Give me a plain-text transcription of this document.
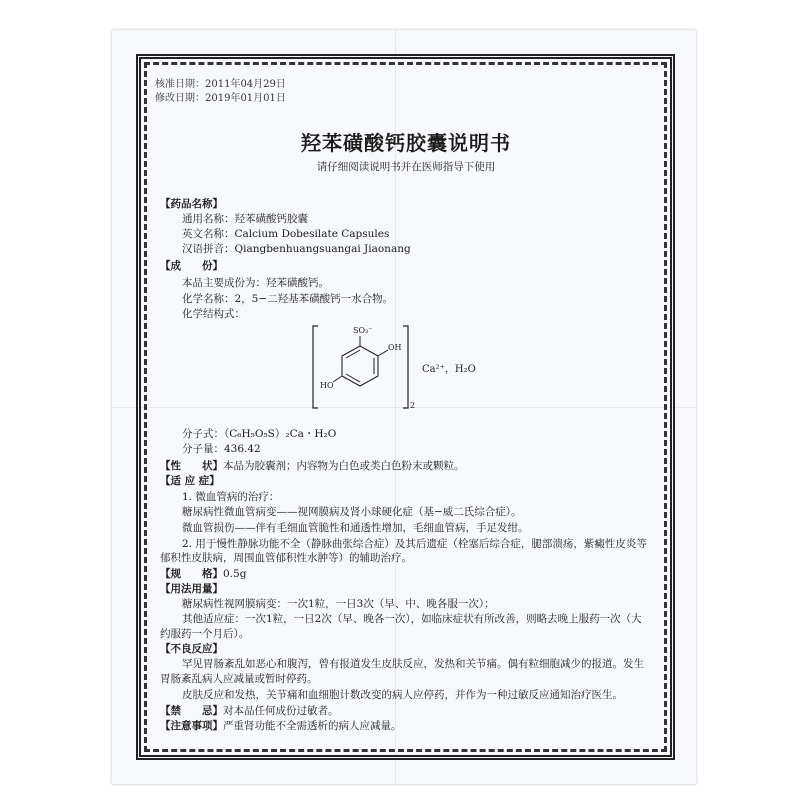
核准日期：2011年04月29日
修改日期：2019年01月01日
羟苯磺酸钙胶囊说明书
请仔细阅读说明书并在医师指导下使用
【药品名称】
通用名称：羟苯磺酸钙胶囊
英文名称：Calcium Dobesilate Capsules
汉语拼音：Qiangbenhuangsuangai Jiaonang
【成　　份】
本品主要成份为：羟苯磺酸钙。
化学名称：2，5−二羟基苯磺酸钙一水合物。
化学结构式：
SO₃⁻
OH
HO
2
Ca²⁺，H₂O
分子式：（C₆H₅O₅S）₂Ca・H₂O
分子量：436.42
【性　　状】本品为胶囊剂；内容物为白色或类白色粉末或颗粒。
【适 应 症】
1. 微血管病的治疗：
糖尿病性微血管病变——视网膜病及肾小球硬化症（基−威二氏综合症）。
微血管损伤——伴有毛细血管脆性和通透性增加，毛细血管病，手足发绀。
2. 用于慢性静脉功能不全（静脉曲张综合症）及其后遗症（栓塞后综合症，腿部溃疡，紫癜性皮炎等郁积性皮肤病，周围血管郁积性水肿等）的辅助治疗。
【规　　格】0.5g
【用法用量】
糖尿病性视网膜病变：一次1粒，一日3次（早、中、晚各服一次）；
其他适应症：一次1粒，一日2次（早、晚各一次），如临床症状有所改善，则略去晚上服药一次（大约服药一个月后）。
【不良反应】
罕见胃肠紊乱如恶心和腹泻，曾有报道发生皮肤反应，发热和关节痛。偶有粒细胞减少的报道。发生胃肠紊乱病人应减量或暂时停药。
皮肤反应和发热，关节痛和血细胞计数改变的病人应停药，并作为一种过敏反应通知治疗医生。
【禁　　忌】对本品任何成份过敏者。
【注意事项】严重肾功能不全需透析的病人应减量。
